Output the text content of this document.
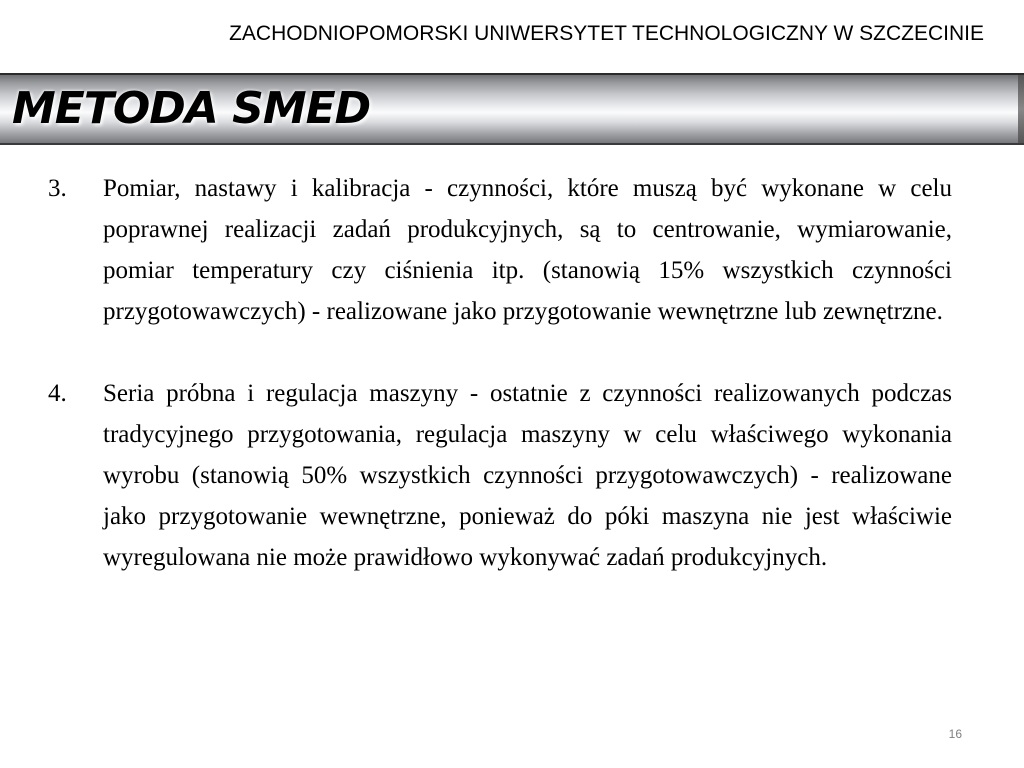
ZACHODNIOPOMORSKI UNIWERSYTET TECHNOLOGICZNY W SZCZECINIE
METODA SMED
3.	Pomiar, nastawy i kalibracja - czynności, które muszą być wykonane w celu poprawnej realizacji zadań produkcyjnych, są to centrowanie, wymiarowanie, pomiar temperatury czy ciśnienia itp. (stanowią 15% wszystkich czynności przygotowawczych) - realizowane jako przygotowanie wewnętrzne lub zewnętrzne.

4.	Seria próbna i regulacja maszyny - ostatnie z czynności realizowanych podczas tradycyjnego przygotowania, regulacja maszyny w celu właściwego wykonania wyrobu (stanowią 50% wszystkich czynności przygotowawczych) - realizowane jako przygotowanie wewnętrzne, ponieważ do póki maszyna nie jest właściwie wyregulowana nie może prawidłowo wykonywać zadań produkcyjnych.

16
